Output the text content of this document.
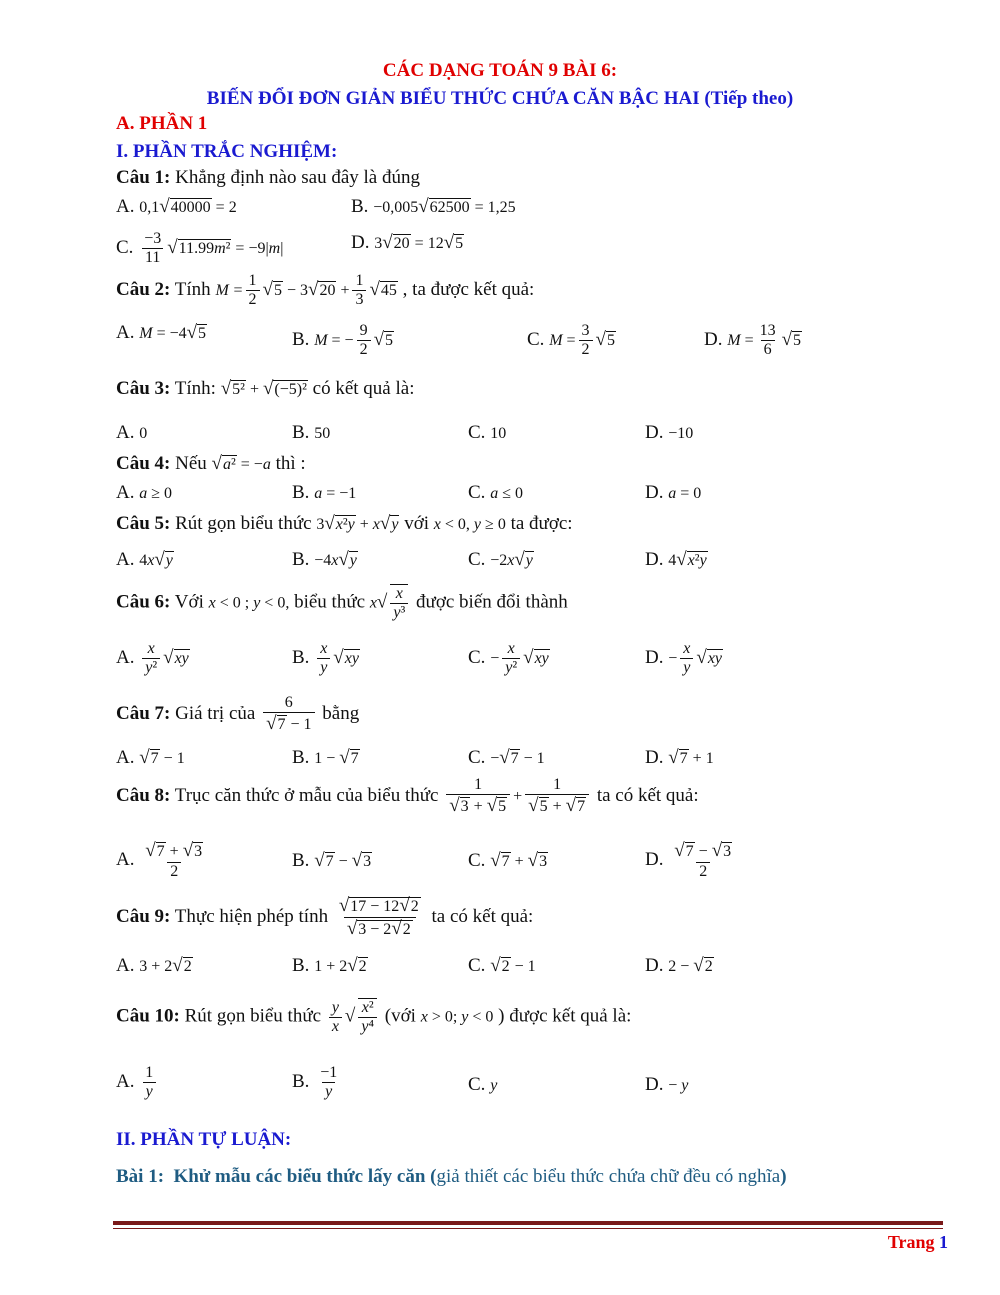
CÁC DẠNG TOÁN 9 BÀI 6:
BIẾN ĐỔI ĐƠN GIẢN BIỂU THỨC CHỨA CĂN BẬC HAI (Tiếp theo)
A. PHẦN 1
I. PHẦN TRẮC NGHIỆM:
Câu 1: Khẳng định nào sau đây là đúng
A. 0,1√40000 = 2	B. −0,005√62500 = 1,25
C. $\frac{-3}{11} √11.99m^2 = -9|m|$	D. 3√20 = 12√5
Câu 2: Tính $M = \frac{1}{2} √5 - 3√20 + \frac{1}{3} √45$ , ta được kết quả:
A. M = −4√5	B. M = − $\frac{9}{2} √5$	C. $M = \frac{3}{2} √5$	D. $M = \frac{13}{6} √5$
Câu 3: Tính: √5² + √(−5)² có kết quả là:
A. 0	B. 50	C. 10	D. −10
Câu 4: Nếu √a² = −a thì :
A. a ≥ 0	B. a = −1	C. a ≤ 0	D. a = 0
Câu 5: Rút gọn biểu thức 3√x²y + x√y với x < 0, y ≥ 0 ta được:
A. 4x√y	B. −4x√y	C. −2x√y	D. 4√x²y
Câu 6: Với x < 0 ; y < 0, biểu thức $x√ \frac{x}{\text{y³}}$ được biến đổi thành
A. $\frac{x}{\text{y²}} √xy$	B. $\frac{x}{y} √xy$	C. − $\frac{x}{\text{y²}} √xy$	D. − $\frac{x}{y} √xy$
Câu 7: Giá trị của $\frac{6}{√7 - 1}$ bằng
A. √7 − 1	B. 1 − √7	C. −√7 − 1	D. √7 + 1
Câu 8: Trục căn thức ở mẫu của biểu thức $\frac{1}{√3 + √5} + \frac{1}{√5 + √7}$ ta có kết quả:
A. $\frac{√7 + √3}{2}$	B. √7 − √3	C. √7 + √3	D. $\frac{√7 - √3}{2}$
Câu 9: Thực hiện phép tính $\frac{√17 - 12√2}{√3 - 2√2}$ ta có kết quả:
A. 3 + 2√2	B. 1 + 2√2	C. √2 − 1	D. 2 − √2
Câu 10: Rút gọn biểu thức $\frac{y}{x}$ √ $\frac{\text{x²}}{\text{y⁴}}$ (với x > 0; y < 0 ) được kết quả là:
A. $\frac{1}{y}$	B. $\frac{-1}{y}$	C. y	D. − y
II. PHẦN TỰ LUẬN:
Bài 1: Khử mẫu các biểu thức lấy căn (giả thiết các biểu thức chứa chữ đều có nghĩa)
Trang 1
